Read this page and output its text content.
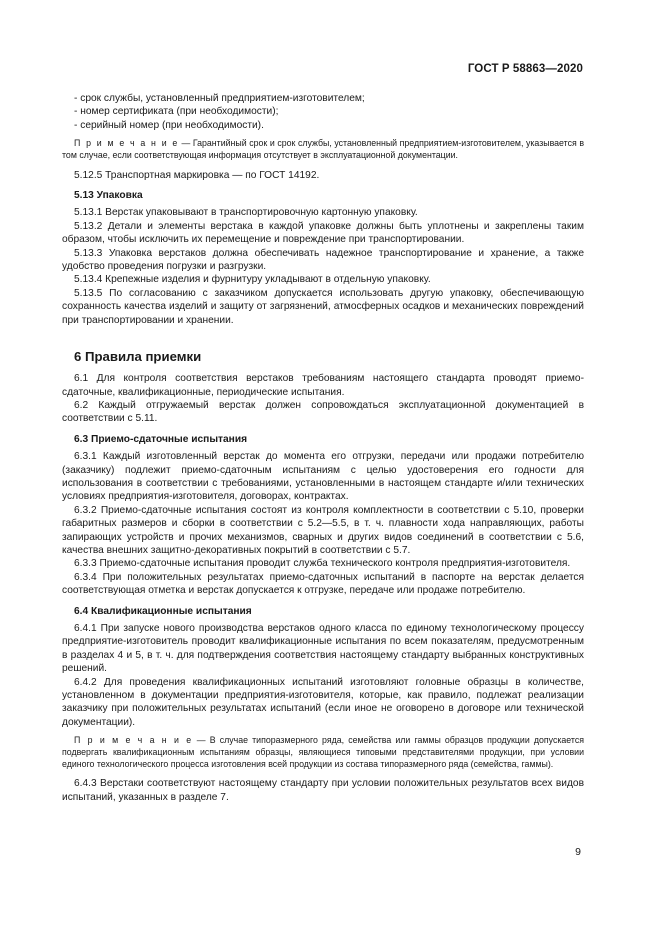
ГОСТ Р 58863—2020

- срок службы, установленный предприятием-изготовителем;

- номер сертификата (при необходимости);

- серийный номер (при необходимости).

П р и м е ч а н и е — Гарантийный срок и срок службы, установленный предприятием-изготовителем, указывается в том случае, если соответствующая информация отсутствует в эксплуатационной документации.

5.12.5 Транспортная маркировка — по ГОСТ 14192.

5.13 Упаковка

5.13.1 Верстак упаковывают в транспортировочную картонную упаковку.

5.13.2 Детали и элементы верстака в каждой упаковке должны быть уплотнены и закреплены таким образом, чтобы исключить их перемещение и повреждение при транспортировании.

5.13.3 Упаковка верстаков должна обеспечивать надежное транспортирование и хранение, а также удобство проведения погрузки и разгрузки.

5.13.4 Крепежные изделия и фурнитуру укладывают в отдельную упаковку.

5.13.5 По согласованию с заказчиком допускается использовать другую упаковку, обеспечивающую сохранность качества изделий и защиту от загрязнений, атмосферных осадков и механических повреждений при транспортировании и хранении.

6 Правила приемки

6.1 Для контроля соответствия верстаков требованиям настоящего стандарта проводят приемо-сдаточные, квалификационные, периодические испытания.

6.2 Каждый отгружаемый верстак должен сопровождаться эксплуатационной документацией в соответствии с 5.11.

6.3 Приемо-сдаточные испытания

6.3.1 Каждый изготовленный верстак до момента его отгрузки, передачи или продажи потребителю (заказчику) подлежит приемо-сдаточным испытаниям с целью удостоверения его годности для использования в соответствии с требованиями, установленными в настоящем стандарте и/или технических условиях предприятия-изготовителя, договорах, контрактах.

6.3.2 Приемо-сдаточные испытания состоят из контроля комплектности в соответствии с 5.10, проверки габаритных размеров и сборки в соответствии с 5.2—5.5, в т. ч. плавности хода направляющих, работы запирающих устройств и прочих механизмов, сварных и других видов соединений в соответствии с 5.6, качества внешних защитно-декоративных покрытий в соответствии с 5.7.

6.3.3 Приемо-сдаточные испытания проводит служба технического контроля предприятия-изготовителя.

6.3.4 При положительных результатах приемо-сдаточных испытаний в паспорте на верстак делается соответствующая отметка и верстак допускается к отгрузке, передаче или продаже потребителю.

6.4 Квалификационные испытания

6.4.1 При запуске нового производства верстаков одного класса по единому технологическому процессу предприятие-изготовитель проводит квалификационные испытания по всем показателям, предусмотренным в разделах 4 и 5, в т. ч. для подтверждения соответствия настоящему стандарту выбранных конструктивных решений.

6.4.2 Для проведения квалификационных испытаний изготовляют головные образцы в количестве, установленном в документации предприятия-изготовителя, которые, как правило, подлежат реализации заказчику при положительных результатах испытаний (если иное не оговорено в договоре или технической документации).

П р и м е ч а н и е — В случае типоразмерного ряда, семейства или гаммы образцов продукции допускается подвергать квалификационным испытаниям образцы, являющиеся типовыми представителями продукции, при условии единого технологического процесса изготовления всей продукции из состава типоразмерного ряда (семейства, гаммы).

6.4.3 Верстаки соответствуют настоящему стандарту при условии положительных результатов всех видов испытаний, указанных в разделе 7.

9
